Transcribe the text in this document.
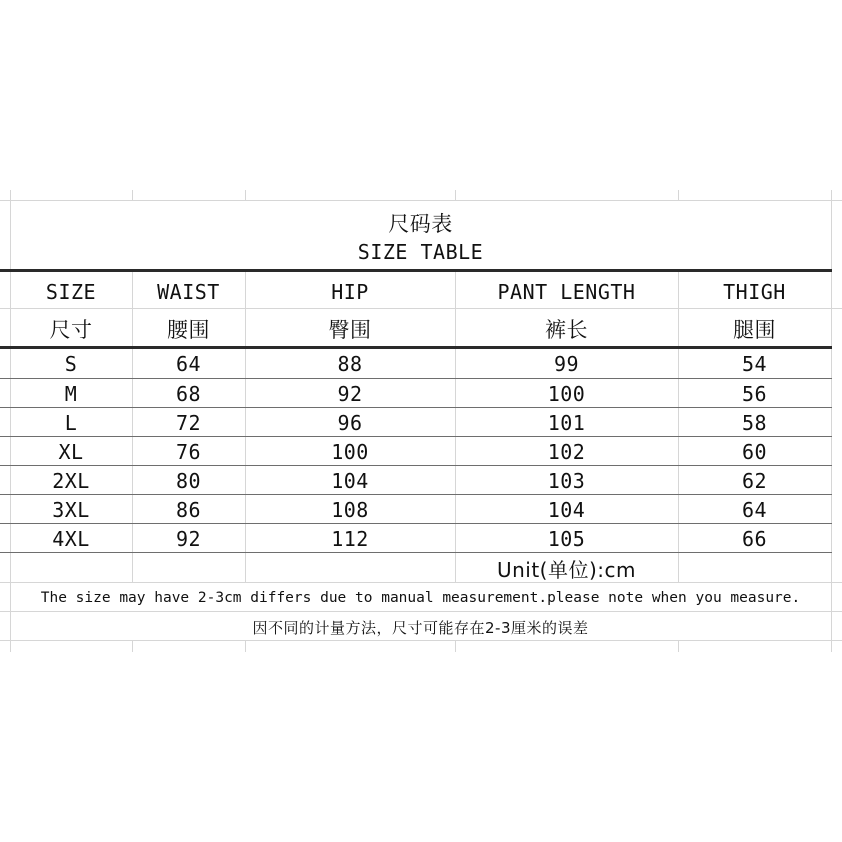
尺码表
SIZE TABLE
SIZE	WAIST	HIP	PANT LENGTH	THIGH
尺寸	腰围	臀围	裤长	腿围
S	64	88	99	54
M	68	92	100	56
L	72	96	101	58
XL	76	100	102	60
2XL	80	104	103	62
3XL	86	108	104	64
4XL	92	112	105	66
Unit(单位):cm
The size may have 2-3cm differs due to manual measurement.please note when you measure.
因不同的计量方法，尺寸可能存在2-3厘米的误差
